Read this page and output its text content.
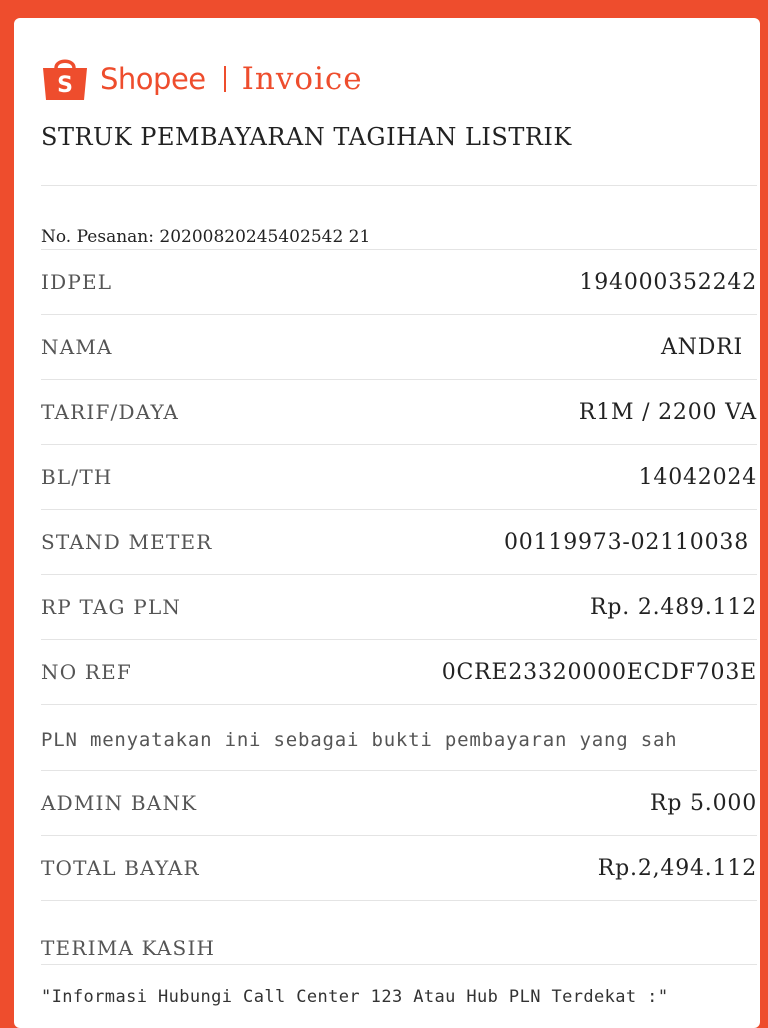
S Shopee Invoice
STRUK PEMBAYARAN TAGIHAN LISTRIK
No. Pesanan:
20200820245402542 21
IDPEL	194000352242
NAMA	ANDRI
TARIF/DAYA	R1M / 2200 VA
BL/TH	14042024
STAND METER	00119973-02110038
RP TAG PLN	Rp. 2.489.112
NO REF	0CRE23320000ECDF703E
PLN menyatakan ini sebagai bukti pembayaran yang sah
ADMIN BANK	Rp 5.000
TOTAL BAYAR	Rp.2,494.112
TERIMA KASIH
"Informasi Hubungi Call Center 123 Atau Hub PLN Terdekat :"
